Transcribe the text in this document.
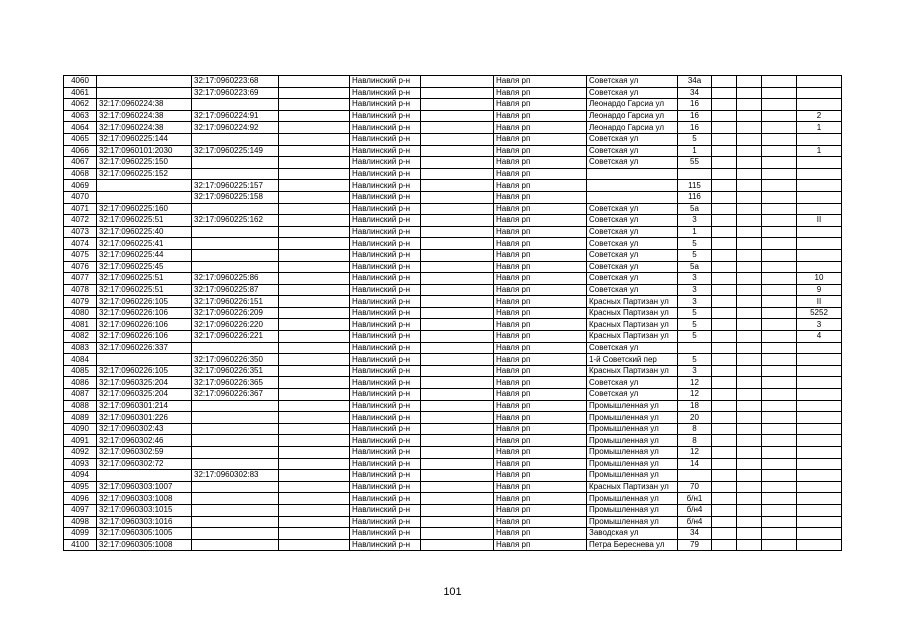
4060		32:17:0960223:68		Навлинский р-н		Навля рп	Советская ул	34а				
4061		32:17:0960223:69		Навлинский р-н		Навля рп	Советская ул	34				
4062	32:17:0960224:38			Навлинский р-н		Навля рп	Леонардо Гарсиа ул	16				
4063	32:17:0960224:38	32:17:0960224:91		Навлинский р-н		Навля рп	Леонардо Гарсиа ул	16				2
4064	32:17:0960224:38	32:17:0960224:92		Навлинский р-н		Навля рп	Леонардо Гарсиа ул	16				1
4065	32:17:0960225:144			Навлинский р-н		Навля рп	Советская ул	5				
4066	32:17:0960101:2030	32:17:0960225:149		Навлинский р-н		Навля рп	Советская ул	1				1
4067	32:17:0960225:150			Навлинский р-н		Навля рп	Советская ул	55				
4068	32:17:0960225:152			Навлинский р-н		Навля рп						
4069		32:17:0960225:157		Навлинский р-н		Навля рп		115				
4070		32:17:0960225:158		Навлинский р-н		Навля рп		116				
4071	32:17:0960225:160			Навлинский р-н		Навля рп	Советская ул	5а				
4072	32:17:0960225:51	32:17:0960225:162		Навлинский р-н		Навля рп	Советская ул	3				II
4073	32:17:0960225:40			Навлинский р-н		Навля рп	Советская ул	1				
4074	32:17:0960225:41			Навлинский р-н		Навля рп	Советская ул	5				
4075	32:17:0960225:44			Навлинский р-н		Навля рп	Советская ул	5				
4076	32:17:0960225:45			Навлинский р-н		Навля рп	Советская ул	5а				
4077	32:17:0960225:51	32:17:0960225:86		Навлинский р-н		Навля рп	Советская ул	3				10
4078	32:17:0960225:51	32:17:0960225:87		Навлинский р-н		Навля рп	Советская ул	3				9
4079	32:17:0960226:105	32:17:0960226:151		Навлинский р-н		Навля рп	Красных Партизан ул	3				II
4080	32:17:0960226:106	32:17:0960226:209		Навлинский р-н		Навля рп	Красных Партизан ул	5				5252
4081	32:17:0960226:106	32:17:0960226:220		Навлинский р-н		Навля рп	Красных Партизан ул	5				3
4082	32:17:0960226:106	32:17:0960226:221		Навлинский р-н		Навля рп	Красных Партизан ул	5				4
4083	32:17:0960226:337			Навлинский р-н		Навля рп	Советская ул					
4084		32:17:0960226:350		Навлинский р-н		Навля рп	1-й Советский пер	5				
4085	32:17:0960226:105	32:17:0960226:351		Навлинский р-н		Навля рп	Красных Партизан ул	3				
4086	32:17:0960325:204	32:17:0960226:365		Навлинский р-н		Навля рп	Советская ул	12				
4087	32:17:0960325:204	32:17:0960226:367		Навлинский р-н		Навля рп	Советская ул	12				
4088	32:17:0960301:214			Навлинский р-н		Навля рп	Промышленная ул	18				
4089	32:17:0960301:226			Навлинский р-н		Навля рп	Промышленная ул	20				
4090	32:17:0960302:43			Навлинский р-н		Навля рп	Промышленная ул	8				
4091	32:17:0960302:46			Навлинский р-н		Навля рп	Промышленная ул	8				
4092	32:17:0960302:59			Навлинский р-н		Навля рп	Промышленная ул	12				
4093	32:17:0960302:72			Навлинский р-н		Навля рп	Промышленная ул	14				
4094		32:17:0960302:83		Навлинский р-н		Навля рп	Промышленная ул					
4095	32:17:0960303:1007			Навлинский р-н		Навля рп	Красных Партизан ул	70				
4096	32:17:0960303:1008			Навлинский р-н		Навля рп	Промышленная ул	б/н1				
4097	32:17:0960303:1015			Навлинский р-н		Навля рп	Промышленная ул	б/н4				
4098	32:17:0960303:1016			Навлинский р-н		Навля рп	Промышленная ул	б/н4				
4099	32:17:0960305:1005			Навлинский р-н		Навля рп	Заводская ул	34				
4100	32:17:0960305:1008			Навлинский р-н		Навля рп	Петра Береснева ул	79				
101
